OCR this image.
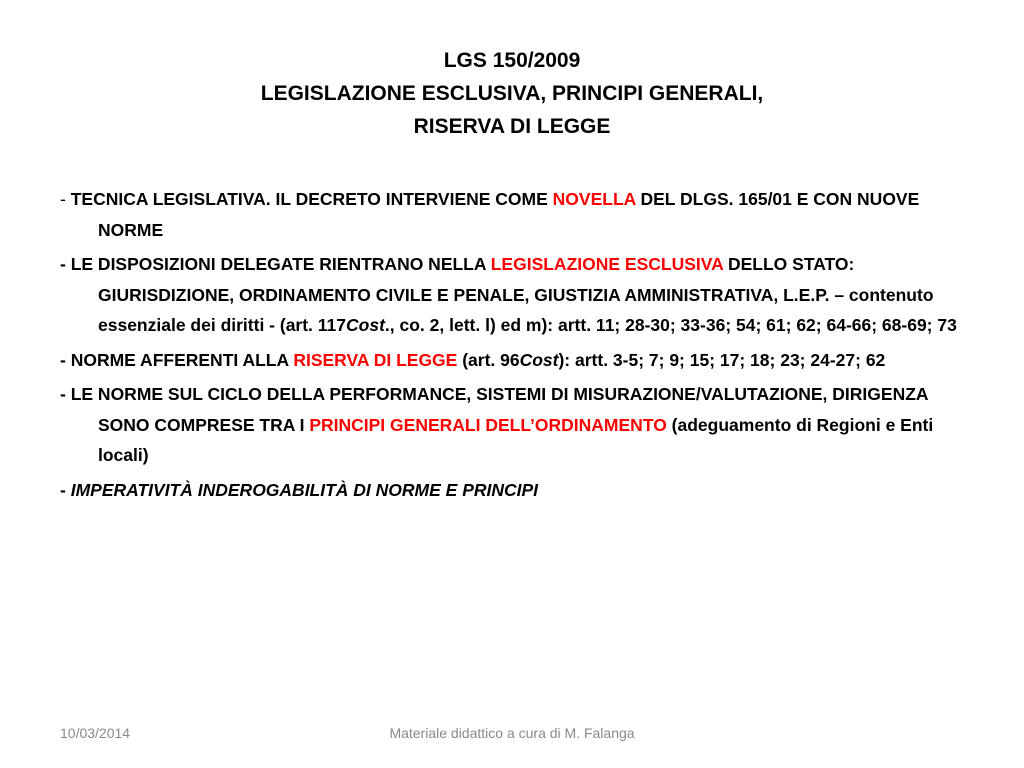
LGS 150/2009
LEGISLAZIONE ESCLUSIVA, PRINCIPI GENERALI,
RISERVA DI LEGGE
- TECNICA LEGISLATIVA. IL DECRETO INTERVIENE COME NOVELLA DEL DLGS. 165/01 E CON NUOVE NORME
- LE DISPOSIZIONI DELEGATE RIENTRANO NELLA LEGISLAZIONE ESCLUSIVA DELLO STATO: GIURISDIZIONE, ORDINAMENTO CIVILE E PENALE, GIUSTIZIA AMMINISTRATIVA, L.E.P. – contenuto essenziale dei diritti - (art. 117Cost., co. 2, lett. l) ed m): artt. 11; 28-30; 33-36; 54; 61; 62; 64-66; 68-69; 73
- NORME AFFERENTI ALLA RISERVA DI LEGGE (art. 96Cost): artt. 3-5; 7; 9; 15; 17; 18; 23; 24-27; 62
- LE NORME SUL CICLO DELLA PERFORMANCE, SISTEMI DI MISURAZIONE/VALUTAZIONE, DIRIGENZA SONO COMPRESE TRA I PRINCIPI GENERALI DELL’ORDINAMENTO (adeguamento di Regioni e Enti locali)
- IMPERATIVITÀ INDEROGABILITÀ DI NORME E PRINCIPI
10/03/2014	Materiale didattico a cura di M. Falanga
